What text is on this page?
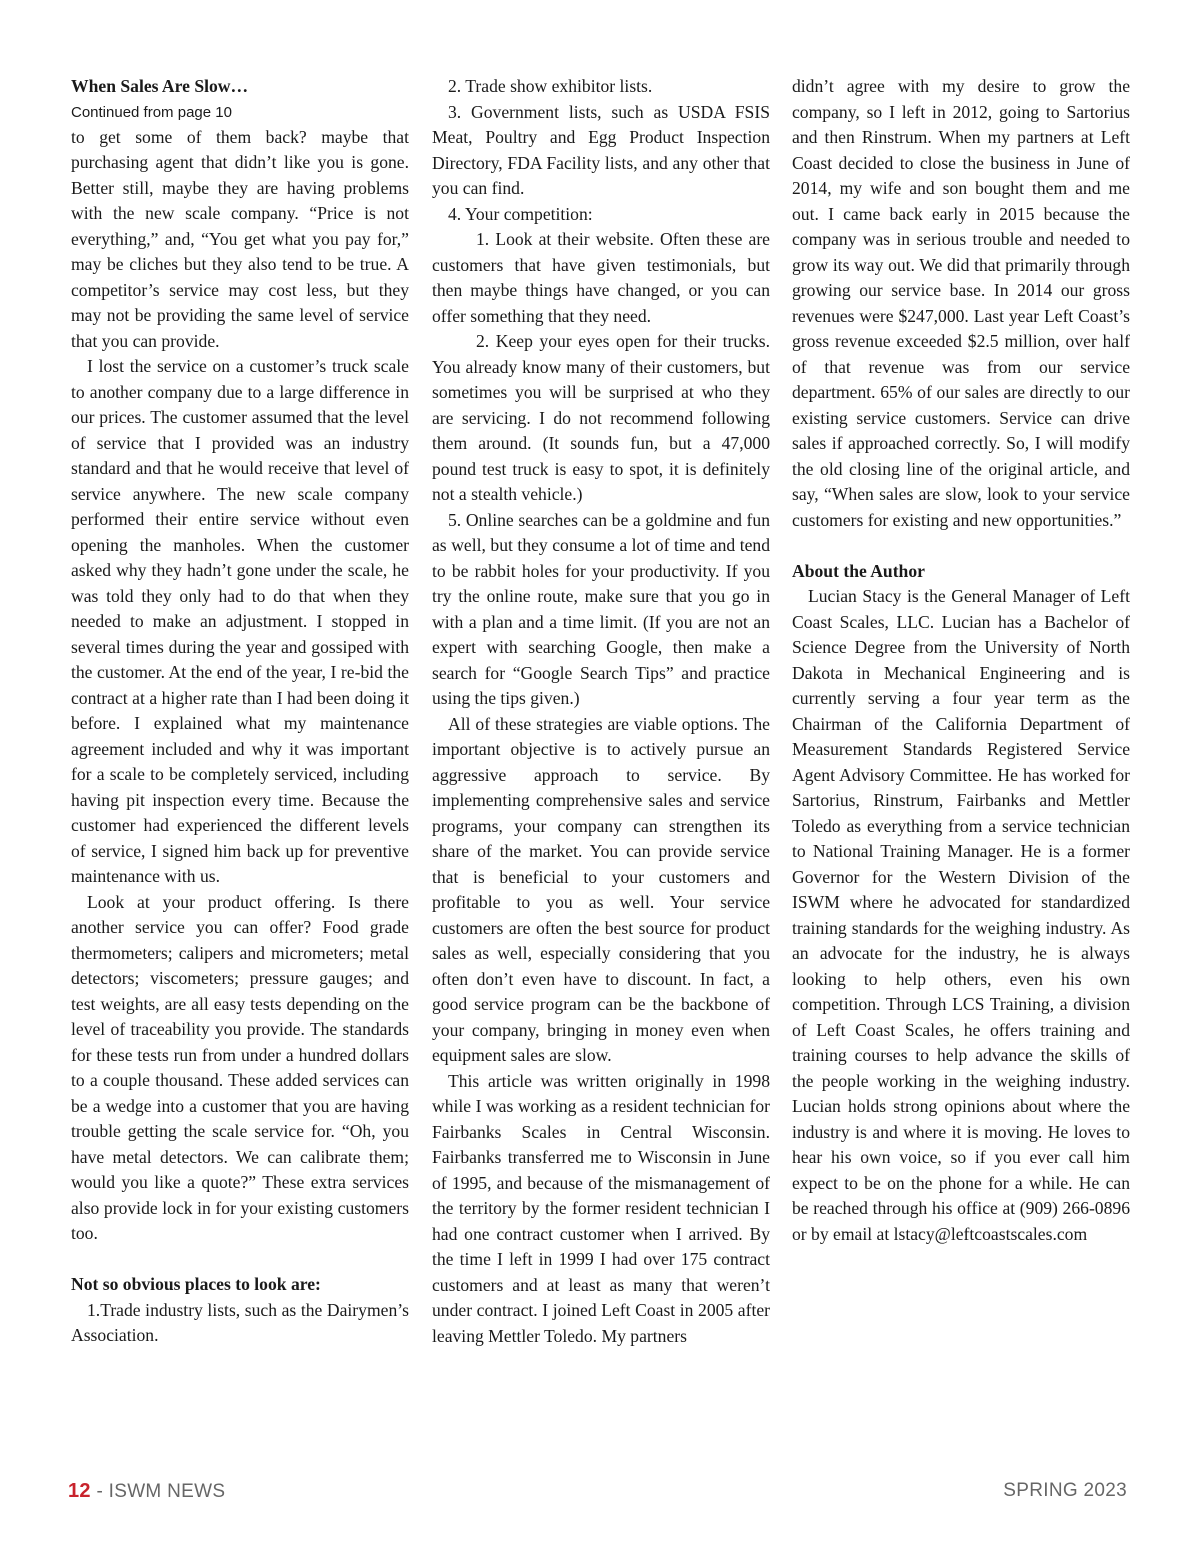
When Sales Are Slow…

Continued from page 10

to get some of them back? maybe that purchasing agent that didn’t like you is gone. Better still, maybe they are having problems with the new scale company. “Price is not everything,” and, “You get what you pay for,” may be cliches but they also tend to be true. A competitor’s service may cost less, but they may not be providing the same level of service that you can provide.

I lost the service on a customer’s truck scale to another company due to a large difference in our prices. The customer assumed that the level of service that I provided was an industry standard and that he would receive that level of service anywhere. The new scale company performed their entire service without even opening the manholes. When the customer asked why they hadn’t gone under the scale, he was told they only had to do that when they needed to make an adjustment. I stopped in several times during the year and gossiped with the customer. At the end of the year, I re-bid the contract at a higher rate than I had been doing it before. I explained what my maintenance agreement included and why it was important for a scale to be completely serviced, including having pit inspection every time. Because the customer had experienced the different levels of service, I signed him back up for preventive maintenance with us.

Look at your product offering. Is there another service you can offer? Food grade thermometers; calipers and micrometers; metal detectors; viscometers; pressure gauges; and test weights, are all easy tests depending on the level of traceability you provide. The standards for these tests run from under a hundred dollars to a couple thousand. These added services can be a wedge into a customer that you are having trouble getting the scale service for. “Oh, you have metal detectors. We can calibrate them; would you like a quote?” These extra services also provide lock in for your existing customers too.

Not so obvious places to look are:

1.Trade industry lists, such as the Dairymen’s Association.

2. Trade show exhibitor lists.

3. Government lists, such as USDA FSIS Meat, Poultry and Egg Product Inspection Directory, FDA Facility lists, and any other that you can find.

4. Your competition:

1. Look at their website. Often these are customers that have given testimonials, but then maybe things have changed, or you can offer something that they need.

2. Keep your eyes open for their trucks. You already know many of their customers, but sometimes you will be surprised at who they are servicing. I do not recommend following them around. (It sounds fun, but a 47,000 pound test truck is easy to spot, it is definitely not a stealth vehicle.)

5. Online searches can be a goldmine and fun as well, but they consume a lot of time and tend to be rabbit holes for your productivity. If you try the online route, make sure that you go in with a plan and a time limit. (If you are not an expert with searching Google, then make a search for “Google Search Tips” and practice using the tips given.)

All of these strategies are viable options. The important objective is to actively pursue an aggressive approach to service. By implementing comprehensive sales and service programs, your company can strengthen its share of the market. You can provide service that is beneficial to your customers and profitable to you as well. Your service customers are often the best source for product sales as well, especially considering that you often don’t even have to discount. In fact, a good service program can be the backbone of your company, bringing in money even when equipment sales are slow.

This article was written originally in 1998 while I was working as a resident technician for Fairbanks Scales in Central Wisconsin. Fairbanks transferred me to Wisconsin in June of 1995, and because of the mismanagement of the territory by the former resident technician I had one contract customer when I arrived. By the time I left in 1999 I had over 175 contract customers and at least as many that weren’t under contract. I joined Left Coast in 2005 after leaving Mettler Toledo. My partners

didn’t agree with my desire to grow the company, so I left in 2012, going to Sartorius and then Rinstrum. When my partners at Left Coast decided to close the business in June of 2014, my wife and son bought them and me out. I came back early in 2015 because the company was in serious trouble and needed to grow its way out. We did that primarily through growing our service base. In 2014 our gross revenues were $247,000. Last year Left Coast’s gross revenue exceeded $2.5 million, over half of that revenue was from our service department. 65% of our sales are directly to our existing service customers. Service can drive sales if approached correctly. So, I will modify the old closing line of the original article, and say, “When sales are slow, look to your service customers for existing and new opportunities.”

About the Author

Lucian Stacy is the General Manager of Left Coast Scales, LLC. Lucian has a Bachelor of Science Degree from the University of North Dakota in Mechanical Engineering and is currently serving a four year term as the Chairman of the California Department of Measurement Standards Registered Service Agent Advisory Committee. He has worked for Sartorius, Rinstrum, Fairbanks and Mettler Toledo as everything from a service technician to National Training Manager. He is a former Governor for the Western Division of the ISWM where he advocated for standardized training standards for the weighing industry. As an advocate for the industry, he is always looking to help others, even his own competition. Through LCS Training, a division of Left Coast Scales, he offers training and training courses to help advance the skills of the people working in the weighing industry. Lucian holds strong opinions about where the industry is and where it is moving. He loves to hear his own voice, so if you ever call him expect to be on the phone for a while. He can be reached through his office at (909) 266-0896 or by email at lstacy@leftcoastscales.com

12 - ISWM NEWS	SPRING 2023
